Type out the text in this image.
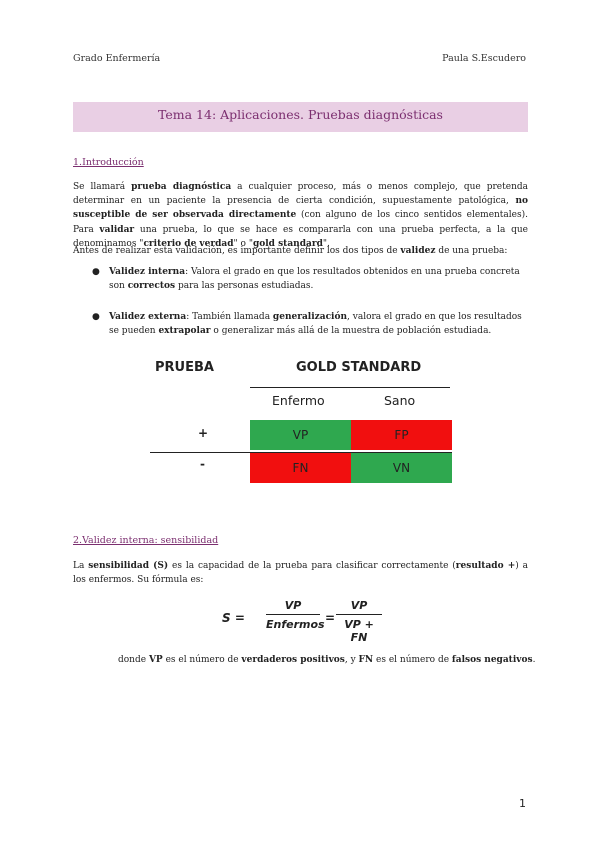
Grado Enfermería	Paula S.Escudero
Tema 14: Aplicaciones. Pruebas diagnósticas
1.Introducción
Se llamará prueba diagnóstica a cualquier proceso, más o menos complejo, que pretenda determinar en un paciente la presencia de cierta condición, supuestamente patológica, no susceptible de ser observada directamente (con alguno de los cinco sentidos elementales). Para validar una prueba, lo que se hace es compararla con una prueba perfecta, a la que denominamos "criterio de verdad" o "gold standard".
Antes de realizar esta validación, es importante definir los dos tipos de validez de una prueba:
● Validez interna: Valora el grado en que los resultados obtenidos en una prueba concreta son correctos para las personas estudiadas.
● Validez externa: También llamada generalización, valora el grado en que los resultados se pueden extrapolar o generalizar más allá de la muestra de población estudiada.
PRUEBA	GOLD STANDARD
Enfermo	Sano
+	VP	FP
-	FN	VN
2.Validez interna: sensibilidad
La sensibilidad (S) es la capacidad de la prueba para clasificar correctamente (resultado +) a los enfermos. Su fórmula es:
S =
VP
Enfermos =
VP
VP + FN
donde VP es el número de verdaderos positivos, y FN es el número de falsos negativos.
1
